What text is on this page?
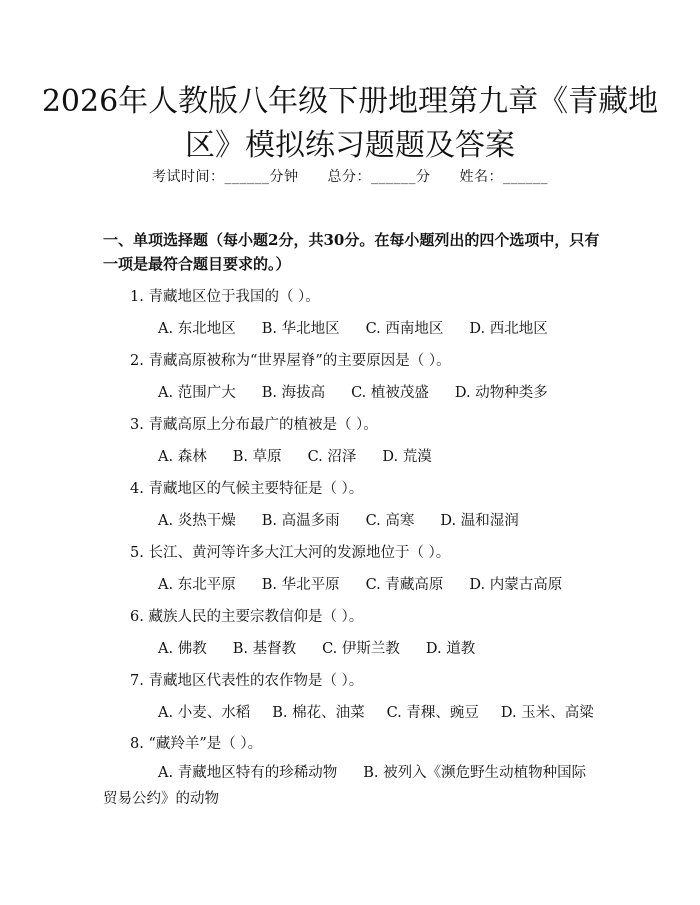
2026年人教版八年级下册地理第九章《青藏地区》模拟练习题题及答案
考试时间：______分钟 总分：______分 姓名：______
一、单项选择题（每小题2分，共30分。在每小题列出的四个选项中，只有一项是最符合题目要求的。）
1. 青藏地区位于我国的（ ）。
A. 东北地区 B. 华北地区 C. 西南地区 D. 西北地区
2. 青藏高原被称为“世界屋脊”的主要原因是（ ）。
A. 范围广大 B. 海拔高 C. 植被茂盛 D. 动物种类多
3. 青藏高原上分布最广的植被是（ ）。
A. 森林 B. 草原 C. 沼泽 D. 荒漠
4. 青藏地区的气候主要特征是（ ）。
A. 炎热干燥 B. 高温多雨 C. 高寒 D. 温和湿润
5. 长江、黄河等许多大江大河的发源地位于（ ）。
A. 东北平原 B. 华北平原 C. 青藏高原 D. 内蒙古高原
6. 藏族人民的主要宗教信仰是（ ）。
A. 佛教 B. 基督教 C. 伊斯兰教 D. 道教
7. 青藏地区代表性的农作物是（ ）。
A. 小麦、水稻 B. 棉花、油菜 C. 青稞、豌豆 D. 玉米、高粱
8. “藏羚羊”是（ ）。
A. 青藏地区特有的珍稀动物 B. 被列入《濒危野生动植物种国际贸易公约》的动物
